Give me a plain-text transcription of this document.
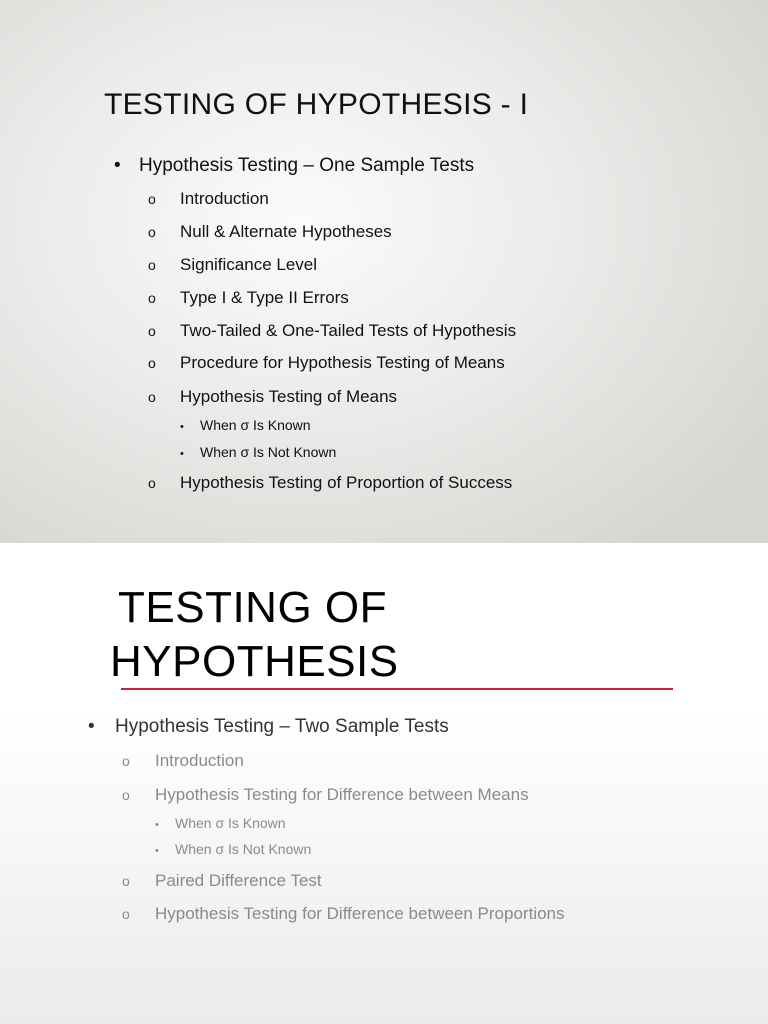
TESTING OF HYPOTHESIS - I
• Hypothesis Testing – One Sample Tests
o Introduction
o Null & Alternate Hypotheses
o Significance Level
o Type I & Type II Errors
o Two-Tailed & One-Tailed Tests of Hypothesis
o Procedure for Hypothesis Testing of Means
o Hypothesis Testing of Means
• When σ Is Known
• When σ Is Not Known
o Hypothesis Testing of Proportion of Success
TESTING OF
HYPOTHESIS
• Hypothesis Testing – Two Sample Tests
o Introduction
o Hypothesis Testing for Difference between Means
• When σ Is Known
• When σ Is Not Known
o Paired Difference Test
o Hypothesis Testing for Difference between Proportions
